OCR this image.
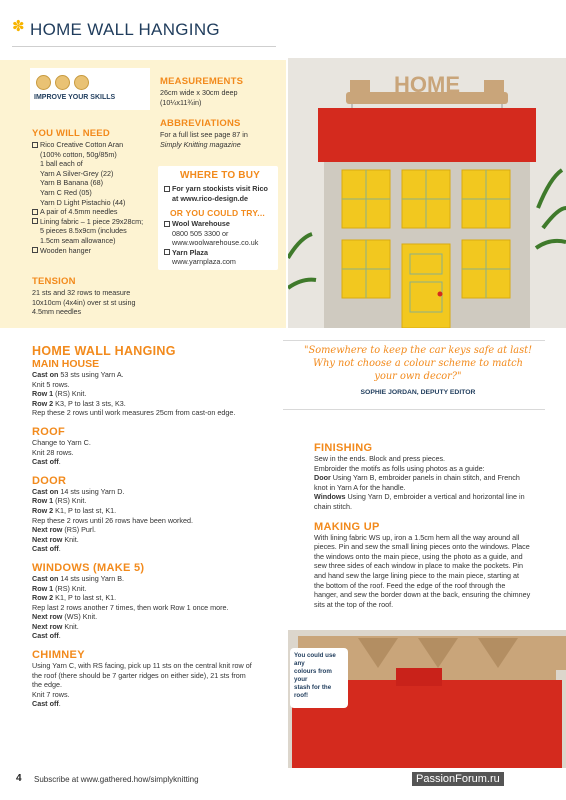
✽ HOME WALL HANGING
IMPROVE YOUR SKILLS
YOU WILL NEED
Rico Creative Cotton Aran
(100% cotton, 50g/85m)
1 ball each of
Yarn A Silver-Grey (22)
Yarn B Banana (68)
Yarn C Red (05)
Yarn D Light Pistachio (44)
A pair of 4.5mm needles
Lining fabric – 1 piece 29x28cm;
5 pieces 8.5x9cm (includes
1.5cm seam allowance)
Wooden hanger
TENSION
21 sts and 32 rows to measure
10x10cm (4x4in) over st st using
4.5mm needles
MEASUREMENTS
26cm wide x 30cm deep
(10¼x11¾in)
ABBREVIATIONS
For a full list see page 87 in
Simply Knitting magazine
WHERE TO BUY
For yarn stockists visit Rico
at www.rico-design.de
OR YOU COULD TRY...
Wool Warehouse
0800 505 3300 or
www.woolwarehouse.co.uk
Yarn Plaza
www.yarnplaza.com
HOME
HOME WALL HANGING
MAIN HOUSE
Cast on 53 sts using Yarn A.
Knit 5 rows.
Row 1 (RS) Knit.
Row 2 K3, P to last 3 sts, K3.
Rep these 2 rows until work measures 25cm from cast-on edge.
ROOF
Change to Yarn C.
Knit 28 rows.
Cast off.
DOOR
Cast on 14 sts using Yarn D.
Row 1 (RS) Knit.
Row 2 K1, P to last st, K1.
Rep these 2 rows until 26 rows have been worked.
Next row (RS) Purl.
Next row Knit.
Cast off.
WINDOWS (MAKE 5)
Cast on 14 sts using Yarn B.
Row 1 (RS) Knit.
Row 2 K1, P to last st, K1.
Rep last 2 rows another 7 times, then work Row 1 once more.
Next row (WS) Knit.
Next row Knit.
Cast off.
CHIMNEY
Using Yarn C, with RS facing, pick up 11 sts on the central knit row of
the roof (there should be 7 garter ridges on either side), 21 sts from
the edge.
Knit 7 rows.
Cast off.
"Somewhere to keep the car keys safe at last!
Why not choose a colour scheme to match
your own decor?"
SOPHIE JORDAN, DEPUTY EDITOR
FINISHING
Sew in the ends. Block and press pieces.
Embroider the motifs as folls using photos as a guide:
Door Using Yarn B, embroider panels in chain stitch, and French
knot in Yarn A for the handle.
Windows Using Yarn D, embroider a vertical and horizontal line in
chain stitch.
MAKING UP
With lining fabric WS up, iron a 1.5cm hem all the way around all
pieces. Pin and sew the small lining pieces onto the windows. Place
the windows onto the main piece, using the photo as a guide, and
sew three sides of each window in place to make the pockets. Pin
and hand sew the large lining piece to the main piece, starting at
the bottom of the roof. Feed the edge of the roof through the
hanger, and sew the border down at the back, ensuring the chimney
sits at the top of the roof.
You could use any
colours from your
stash for the roof!
4 Subscribe at www.gathered.how/simplyknitting	PassionForum.ru
